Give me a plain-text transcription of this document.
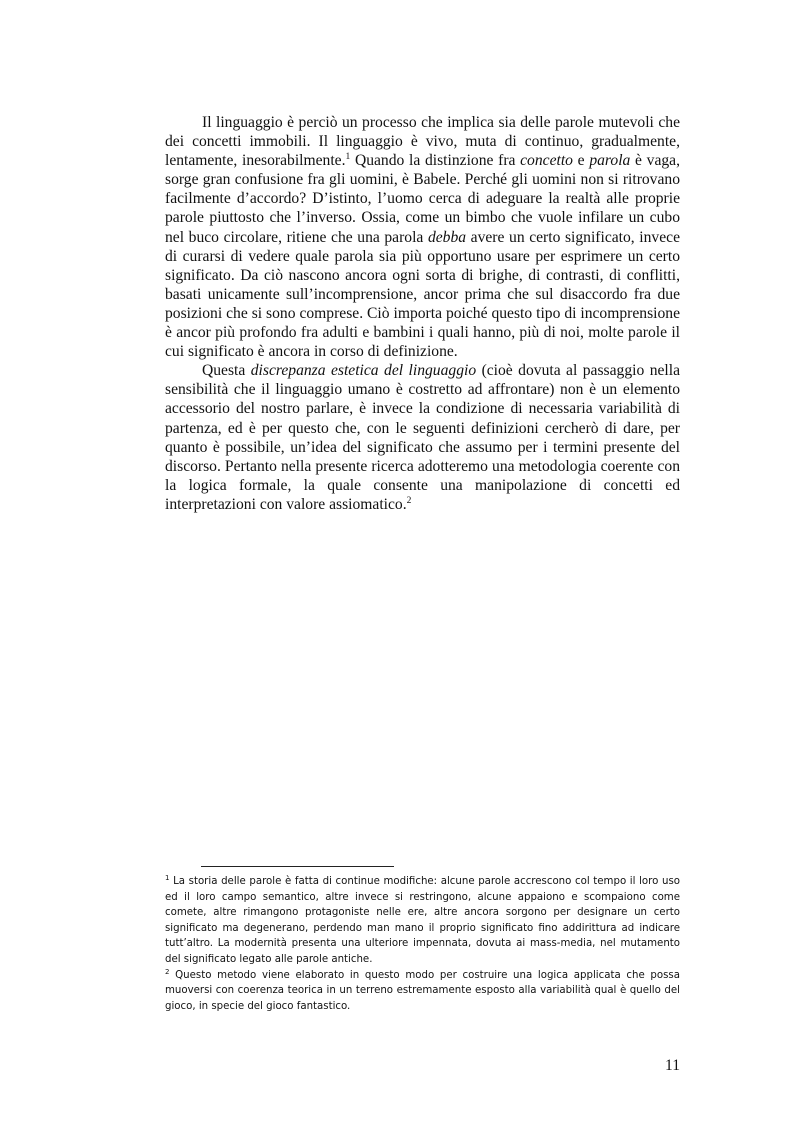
Il linguaggio è perciò un processo che implica sia delle parole mutevoli che dei concetti immobili. Il linguaggio è vivo, muta di continuo, gradualmente, lentamente, inesorabilmente.$^1$ Quando la distinzione fra concetto e parola è vaga, sorge gran confusione fra gli uomini, è Babele. Perché gli uomini non si ritrovano facilmente d’accordo? D’istinto, l’uomo cerca di adeguare la realtà alle proprie parole piuttosto che l’inverso. Ossia, come un bimbo che vuole infilare un cubo nel buco circolare, ritiene che una parola debba avere un certo significato, invece di curarsi di vedere quale parola sia più opportuno usare per esprimere un certo significato. Da ciò nascono ancora ogni sorta di brighe, di contrasti, di conflitti, basati unicamente sull’incomprensione, ancor prima che sul disaccordo fra due posizioni che si sono comprese. Ciò importa poiché questo tipo di incomprensione è ancor più profondo fra adulti e bambini i quali hanno, più di noi, molte parole il cui significato è ancora in corso di definizione.

Questa discrepanza estetica del linguaggio (cioè dovuta al passaggio nella sensibilità che il linguaggio umano è costretto ad affrontare) non è un elemento accessorio del nostro parlare, è invece la condizione di necessaria variabilità di partenza, ed è per questo che, con le seguenti definizioni cercherò di dare, per quanto è possibile, un’idea del significato che assumo per i termini presente del discorso. Pertanto nella presente ricerca adotteremo una metodologia coerente con la logica formale, la quale consente una manipolazione di concetti ed interpretazioni con valore assiomatico.$^2$

$^1$ La storia delle parole è fatta di continue modifiche: alcune parole accrescono col tempo il loro uso ed il loro campo semantico, altre invece si restringono, alcune appaiono e scompaiono come comete, altre rimangono protagoniste nelle ere, altre ancora sorgono per designare un certo significato ma degenerano, perdendo man mano il proprio significato fino addirittura ad indicare tutt’altro. La modernità presenta una ulteriore impennata, dovuta ai mass-media, nel mutamento del significato legato alle parole antiche.

$^2$ Questo metodo viene elaborato in questo modo per costruire una logica applicata che possa muoversi con coerenza teorica in un terreno estremamente esposto alla variabilità qual è quello del gioco, in specie del gioco fantastico.

11
